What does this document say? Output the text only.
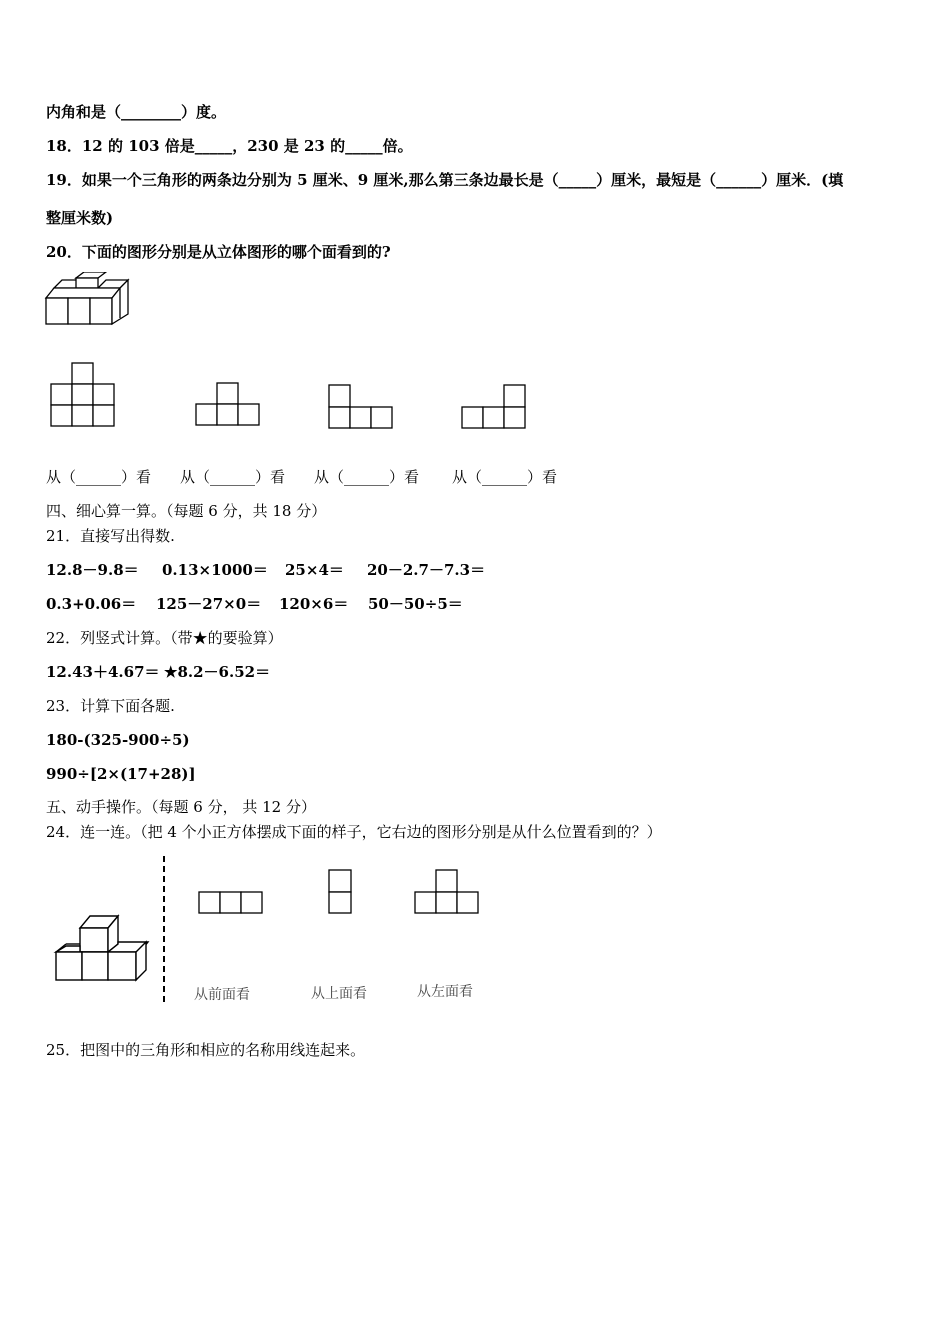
内角和是（________）度。
18．12 的 103 倍是_____，230 是 23 的_____倍。
19．如果一个三角形的两条边分别为 5 厘米、9 厘米,那么第三条边最长是（_____）厘米，最短是（______）厘米．(填
整厘米数)
20．下面的图形分别是从立体图形的哪个面看到的?
从（______）看 从（______）看 从（______）看 从（______）看
四、细心算一算。（每题 6 分，共 18 分）
21．直接写出得数.
12.8－9.8＝ 0.13×1000＝ 25×4＝ 20－2.7－7.3＝
0.3+0.06＝ 125－27×0＝ 120×6＝ 50－50÷5＝
22．列竖式计算。（带★的要验算）
12.43＋4.67＝ ★8.2－6.52＝
23．计算下面各题.
180-(325-900÷5)
990÷[2×(17+28)]
五、动手操作。（每题 6 分， 共 12 分）
24．连一连。（把 4 个小正方体摆成下面的样子，它右边的图形分别是从什么位置看到的？）
从前面看	从上面看	从左面看
25．把图中的三角形和相应的名称用线连起来。
